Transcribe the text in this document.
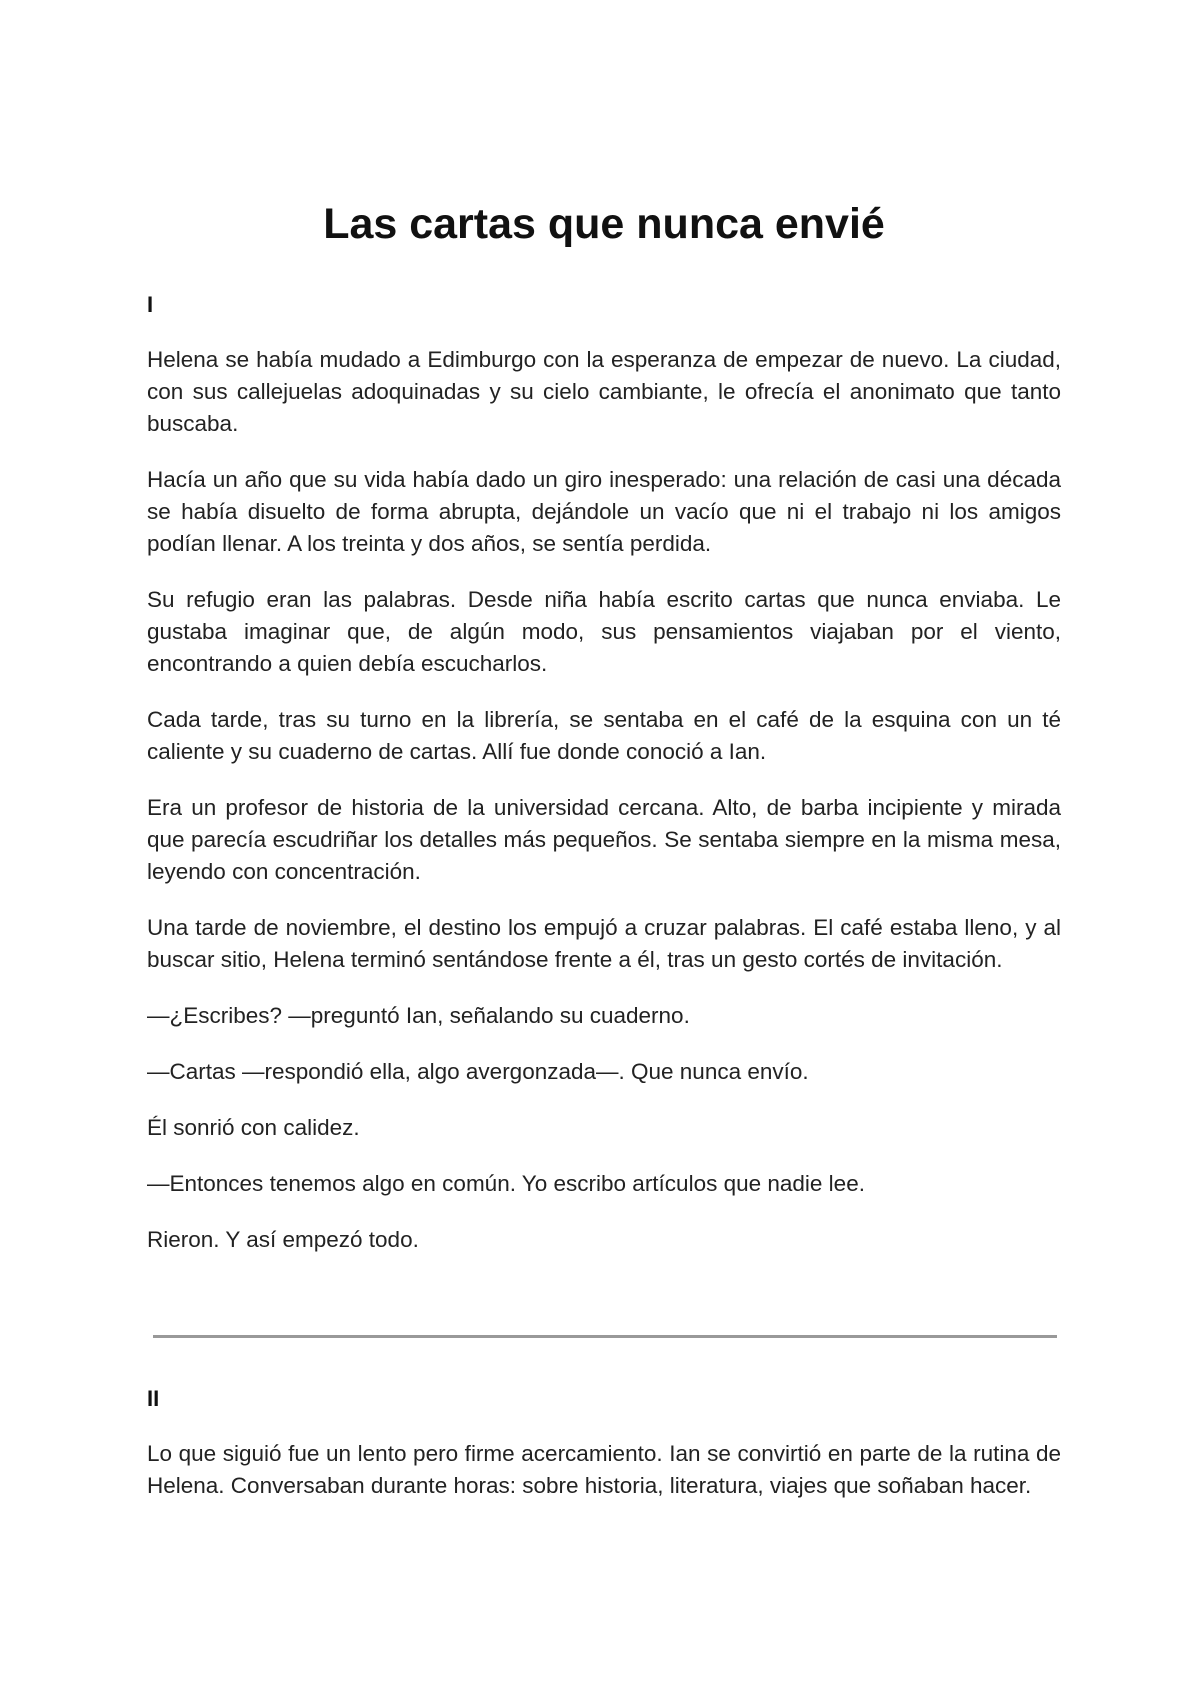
Las cartas que nunca envié
I

Helena se había mudado a Edimburgo con la esperanza de empezar de nuevo. La ciudad, con sus callejuelas adoquinadas y su cielo cambiante, le ofrecía el anonimato que tanto buscaba.

Hacía un año que su vida había dado un giro inesperado: una relación de casi una década se había disuelto de forma abrupta, dejándole un vacío que ni el trabajo ni los amigos podían llenar. A los treinta y dos años, se sentía perdida.

Su refugio eran las palabras. Desde niña había escrito cartas que nunca enviaba. Le gustaba imaginar que, de algún modo, sus pensamientos viajaban por el viento, encontrando a quien debía escucharlos.

Cada tarde, tras su turno en la librería, se sentaba en el café de la esquina con un té caliente y su cuaderno de cartas. Allí fue donde conoció a Ian.

Era un profesor de historia de la universidad cercana. Alto, de barba incipiente y mirada que parecía escudriñar los detalles más pequeños. Se sentaba siempre en la misma mesa, leyendo con concentración.

Una tarde de noviembre, el destino los empujó a cruzar palabras. El café estaba lleno, y al buscar sitio, Helena terminó sentándose frente a él, tras un gesto cortés de invitación.

—¿Escribes? —preguntó Ian, señalando su cuaderno.

—Cartas —respondió ella, algo avergonzada—. Que nunca envío.

Él sonrió con calidez.

—Entonces tenemos algo en común. Yo escribo artículos que nadie lee.

Rieron. Y así empezó todo.

II

Lo que siguió fue un lento pero firme acercamiento. Ian se convirtió en parte de la rutina de Helena. Conversaban durante horas: sobre historia, literatura, viajes que soñaban hacer.
